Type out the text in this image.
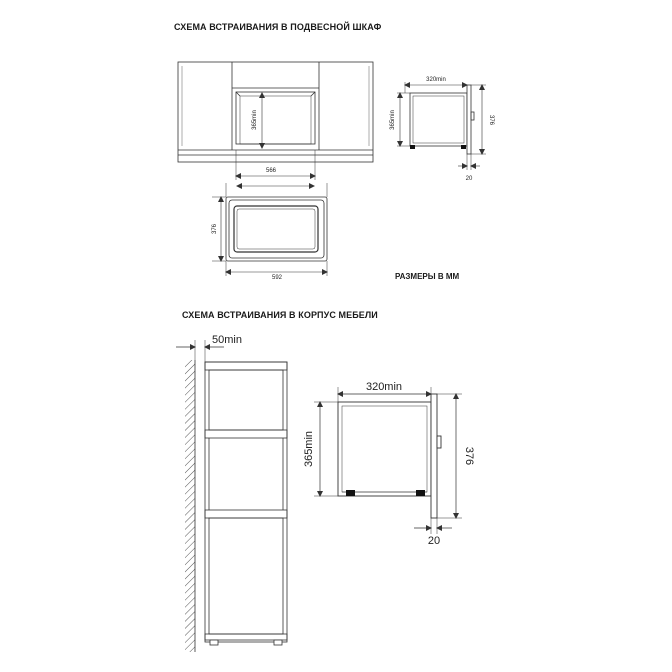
СХЕМА ВСТРАИВАНИЯ В ПОДВЕСНОЙ ШКАФ
СХЕМА ВСТРАИВАНИЯ В КОРПУС МЕБЕЛИ
РАЗМЕРЫ В ММ
365min
566
592
376
320min
365min	376
20
50min
320min
365min	376
20
